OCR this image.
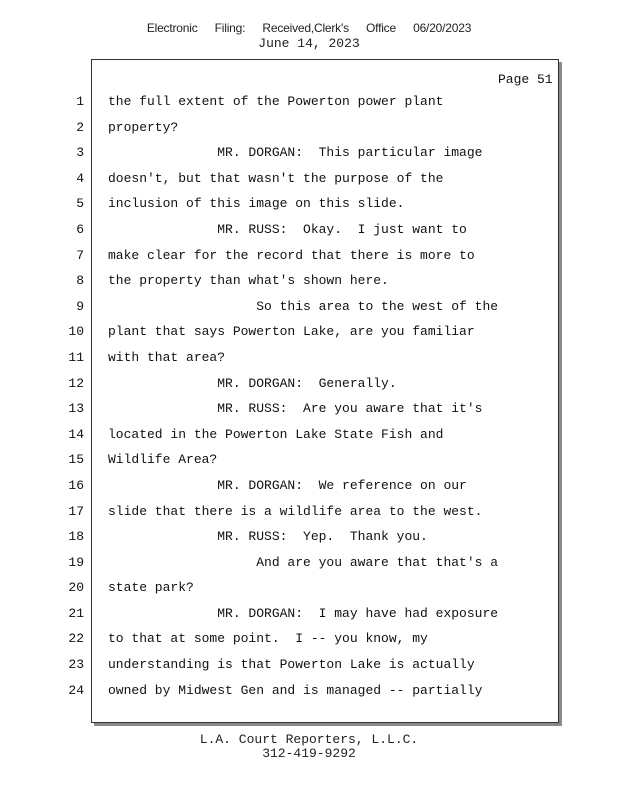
Electronic Filing: Received,Clerk's Office 06/20/2023
June 14, 2023
Page 51
1 the full extent of the Powerton power plant
2 property?
3 MR. DORGAN:  This particular image
4 doesn't, but that wasn't the purpose of the
5 inclusion of this image on this slide.
6 MR. RUSS:  Okay.  I just want to
7 make clear for the record that there is more to
8 the property than what's shown here.
9 So this area to the west of the
10 plant that says Powerton Lake, are you familiar
11 with that area?
12 MR. DORGAN:  Generally.
13 MR. RUSS:  Are you aware that it's
14 located in the Powerton Lake State Fish and
15 Wildlife Area?
16 MR. DORGAN:  We reference on our
17 slide that there is a wildlife area to the west.
18 MR. RUSS:  Yep.  Thank you.
19 And are you aware that that's a
20 state park?
21 MR. DORGAN:  I may have had exposure
22 to that at some point.  I -- you know, my
23 understanding is that Powerton Lake is actually
24 owned by Midwest Gen and is managed -- partially
L.A. Court Reporters, L.L.C.
312-419-9292
